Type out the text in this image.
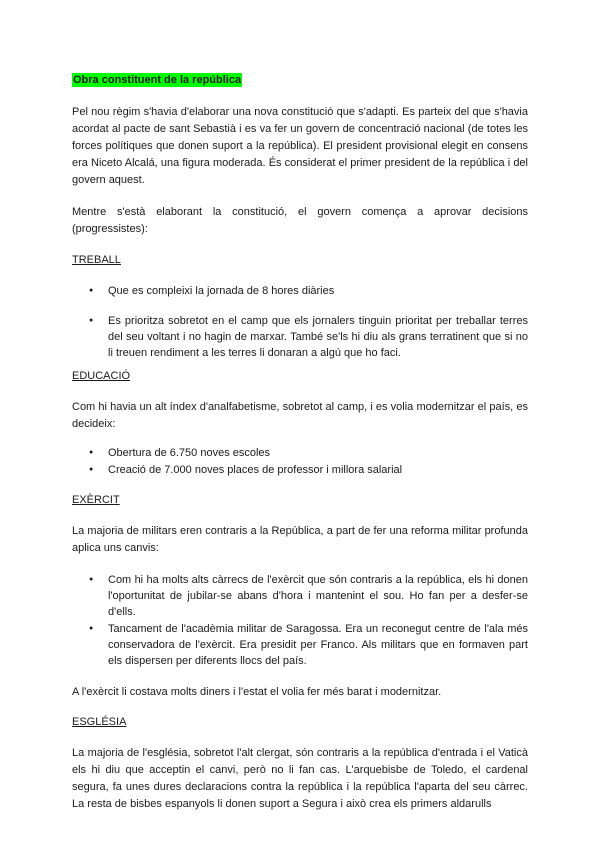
Obra constituent de la república

Pel nou règim s'havia d'elaborar una nova constitució que s'adapti. Es parteix del que s'havia acordat al pacte de sant Sebastià i es va fer un govern de concentració nacional (de totes les forces polítiques que donen suport a la república). El president provisional elegit en consens era Niceto Alcalá, una figura moderada. És considerat el primer president de la república i del govern aquest.

Mentre s'està elaborant la constitució, el govern comença a aprovar decisions (progressistes):

TREBALL
● Que es compleixi la jornada de 8 hores diàries
● Es prioritza sobretot en el camp que els jornalers tinguin prioritat per treballar terres del seu voltant i no hagin de marxar. També se'ls hi diu als grans terratinent que si no li treuen rendiment a les terres li donaran a algú que ho faci.
EDUCACIÓ

Com hi havia un alt índex d'analfabetisme, sobretot al camp, i es volia modernitzar el país, es decideix:

● Obertura de 6.750 noves escoles
● Creació de 7.000 noves places de professor i millora salarial
EXÈRCIT

La majoria de militars eren contraris a la República, a part de fer una reforma militar profunda aplica uns canvis:

● Com hi ha molts alts càrrecs de l'exèrcit que són contraris a la república, els hi donen l'oportunitat de jubilar-se abans d'hora i mantenint el sou. Ho fan per a desfer-se d'ells.
● Tancament de l'acadèmia militar de Saragossa. Era un reconegut centre de l'ala més conservadora de l'exèrcit. Era presidit per Franco. Als militars que en formaven part els dispersen per diferents llocs del país.

A l'exèrcit li costava molts diners i l'estat el volia fer més barat i modernitzar.

ESGLÉSIA

La majoria de l'església, sobretot l'alt clergat, són contraris a la república d'entrada i el Vaticà els hi diu que acceptin el canvi, però no li fan cas. L'arquebisbe de Toledo, el cardenal segura, fa unes dures declaracions contra la república i la república l'aparta del seu càrrec. La resta de bisbes espanyols li donen suport a Segura i això crea els primers aldarulls
